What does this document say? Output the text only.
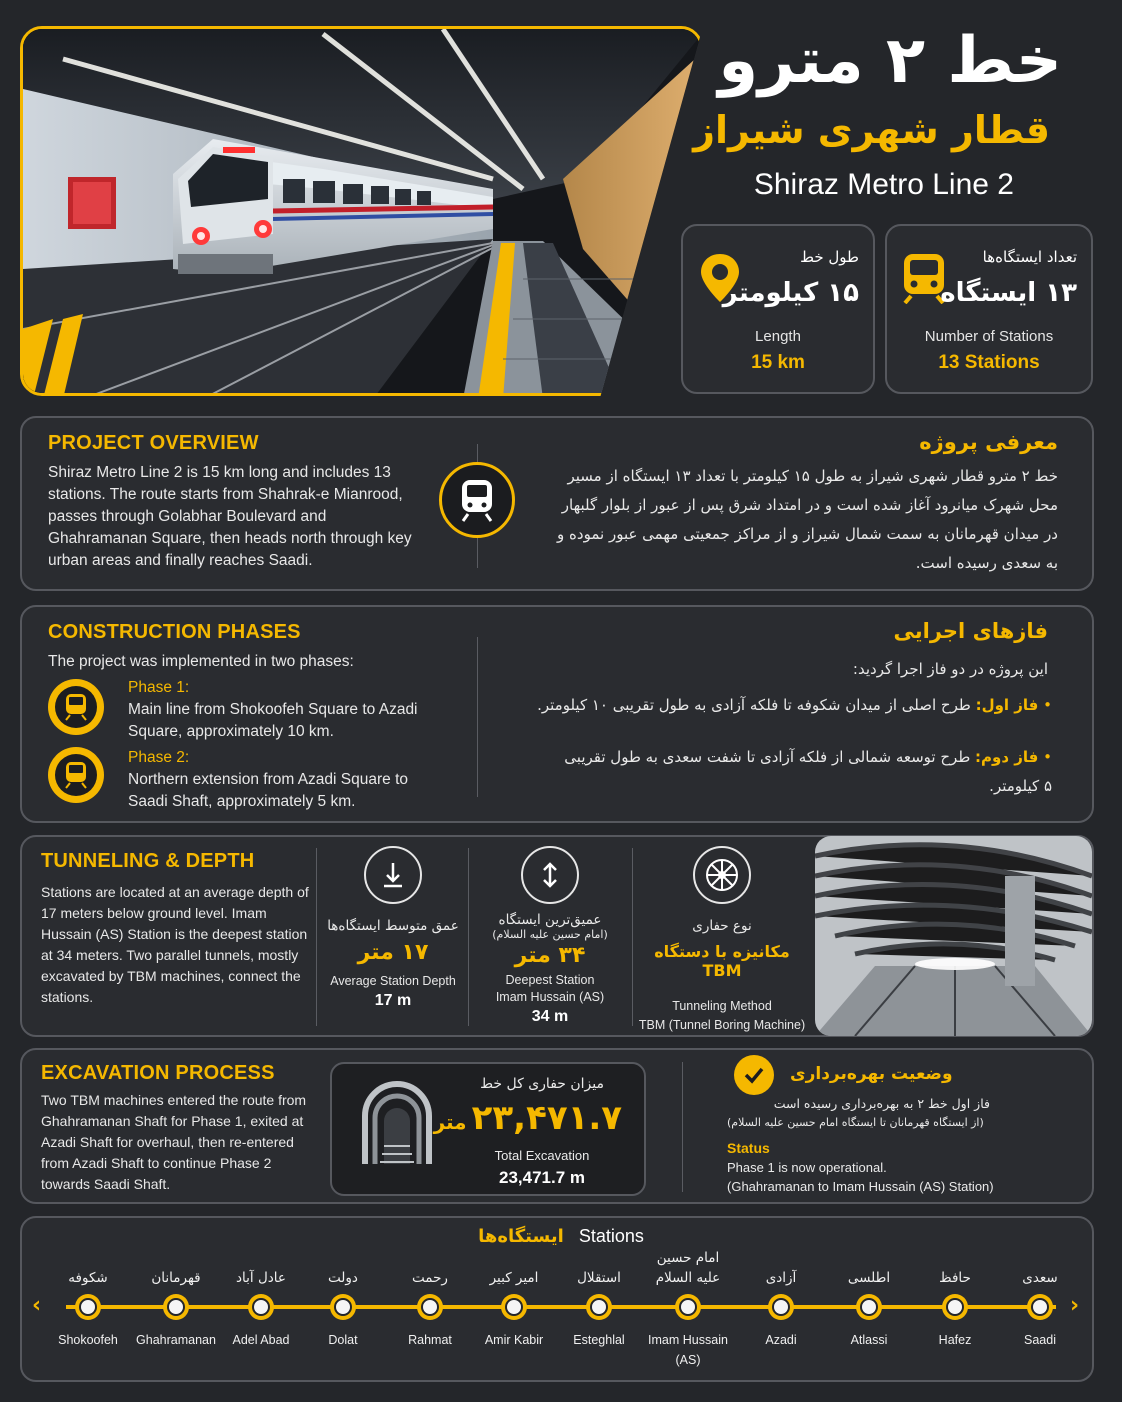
خط ۲ مترو
قطار شهری شیراز
Shiraz Metro Line 2
طول خط
۱۵ کیلومتر
Length
15 km
تعداد ایستگاه‌ها
۱۳ ایستگاه
Number of Stations
13 Stations
PROJECT OVERVIEW
Shiraz Metro Line 2 is 15 km long and includes 13 stations. The route starts from Shahrak-e Mianrood, passes through Golabhar Boulevard and Ghahramanan Square, then heads north through key urban areas and finally reaches Saadi.
معرفی پروژه
خط ۲ مترو قطار شهری شیراز به طول ۱۵ کیلومتر با تعداد ۱۳ ایستگاه از مسیر محل شهرک میانرود آغاز شده است و در امتداد شرق پس از عبور از بلوار گلبهار در میدان قهرمانان به سمت شمال شیراز و از مراکز جمعیتی مهمی عبور نموده و به سعدی رسیده است.
CONSTRUCTION PHASES
The project was implemented in two phases:
Phase 1:
Main line from Shokoofeh Square to Azadi Square, approximately 10 km.
Phase 2:
Northern extension from Azadi Square to Saadi Shaft, approximately 5 km.
فازهای اجرایی
این پروژه در دو فاز اجرا گردید:
• فاز اول: طرح اصلی از میدان شکوفه تا فلکه آزادی به طول تقریبی ۱۰ کیلومتر.
• فاز دوم: طرح توسعه شمالی از فلکه آزادی تا شفت سعدی به طول تقریبی ۵ کیلومتر.
TUNNELING & DEPTH
Stations are located at an average depth of 17 meters below ground level. Imam Hussain (AS) Station is the deepest station at 34 meters. Two parallel tunnels, mostly excavated by TBM machines, connect the stations.
عمق متوسط ایستگاه‌ها
۱۷ متر
Average Station Depth
17 m
عمیق‌ترین ایستگاه
(امام حسین علیه السلام)
۳۴ متر
Deepest Station
Imam Hussain (AS)
34 m
نوع حفاری
مکانیزه با دستگاه TBM
Tunneling Method
TBM (Tunnel Boring Machine)
EXCAVATION PROCESS
Two TBM machines entered the route from Ghahramanan Shaft for Phase 1, exited at Azadi Shaft for overhaul, then re-entered from Azadi Shaft to continue Phase 2 towards Saadi Shaft.
میزان حفاری کل خط
۲۳,۴۷۱.۷ متر
Total Excavation
23,471.7 m
وضعیت بهره‌برداری
فاز اول خط ۲ به بهره‌برداری رسیده است
(از ایستگاه قهرمانان تا ایستگاه امام حسین علیه السلام)
Status
Phase 1 is now operational.
(Ghahramanan to Imam Hussain (AS) Station)
ایستگاه‌ها Stations
‹	›
شکوفه
Shokoofeh
قهرمانان
Ghahramanan
عادل آباد
Adel Abad
دولت
Dolat
رحمت
Rahmat
امیر کبیر
Amir Kabir
استقلال
Esteghlal
امام حسین علیه السلام
Imam Hussain (AS)
آزادی
Azadi
اطلسی
Atlassi
حافظ
Hafez
سعدی
Saadi
